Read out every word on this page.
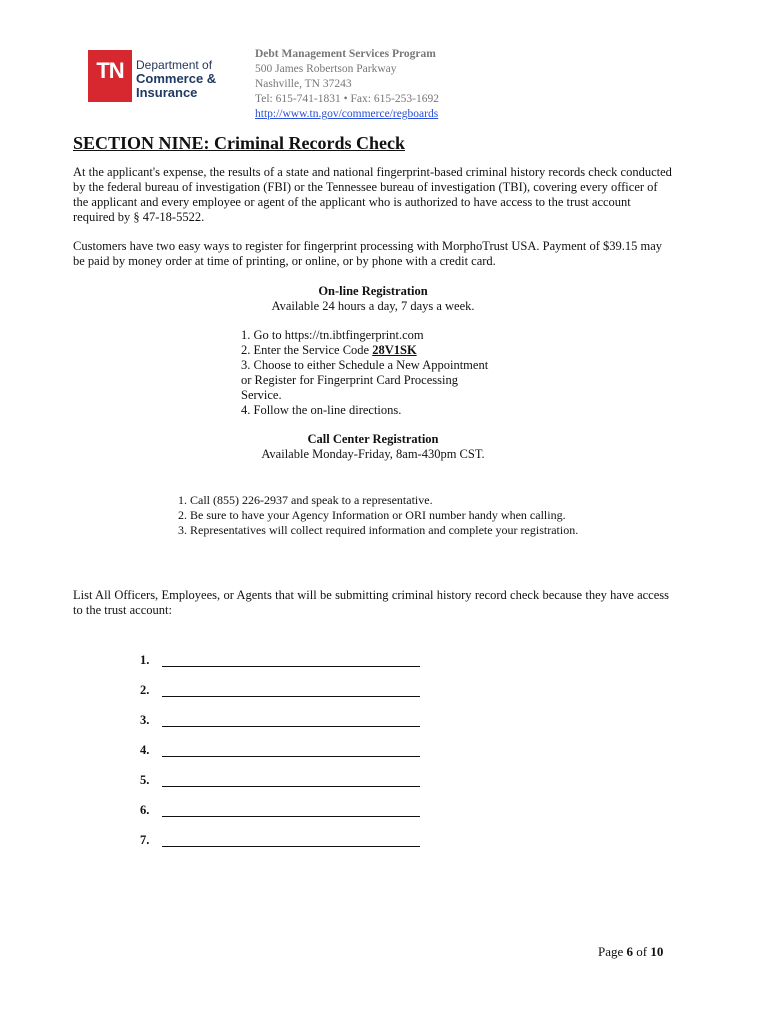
TN	Department of
Commerce &
Insurance
Debt Management Services Program
500 James Robertson Parkway
Nashville, TN 37243
Tel: 615-741-1831 • Fax: 615-253-1692
http://www.tn.gov/commerce/regboards
SECTION NINE: Criminal Records Check
At the applicant's expense, the results of a state and national fingerprint-based criminal history records check conducted by the federal bureau of investigation (FBI) or the Tennessee bureau of investigation (TBI), covering every officer of the applicant and every employee or agent of the applicant who is authorized to have access to the trust account required by § 47-18-5522.
Customers have two easy ways to register for fingerprint processing with MorphoTrust USA. Payment of $39.15 may be paid by money order at time of printing, or online, or by phone with a credit card.
On-line Registration
Available 24 hours a day, 7 days a week.
1. Go to https://tn.ibtfingerprint.com
2. Enter the Service Code 28V1SK
3. Choose to either Schedule a New Appointment or Register for Fingerprint Card Processing Service.
4. Follow the on-line directions.
Call Center Registration
Available Monday-Friday, 8am-430pm CST.
1. Call (855) 226-2937 and speak to a representative.
2. Be sure to have your Agency Information or ORI number handy when calling.
3. Representatives will collect required information and complete your registration.
List All Officers, Employees, or Agents that will be submitting criminal history record check because they have access to the trust account:
1.
2.
3.
4.
5.
6.
7.
Page 6 of 10
